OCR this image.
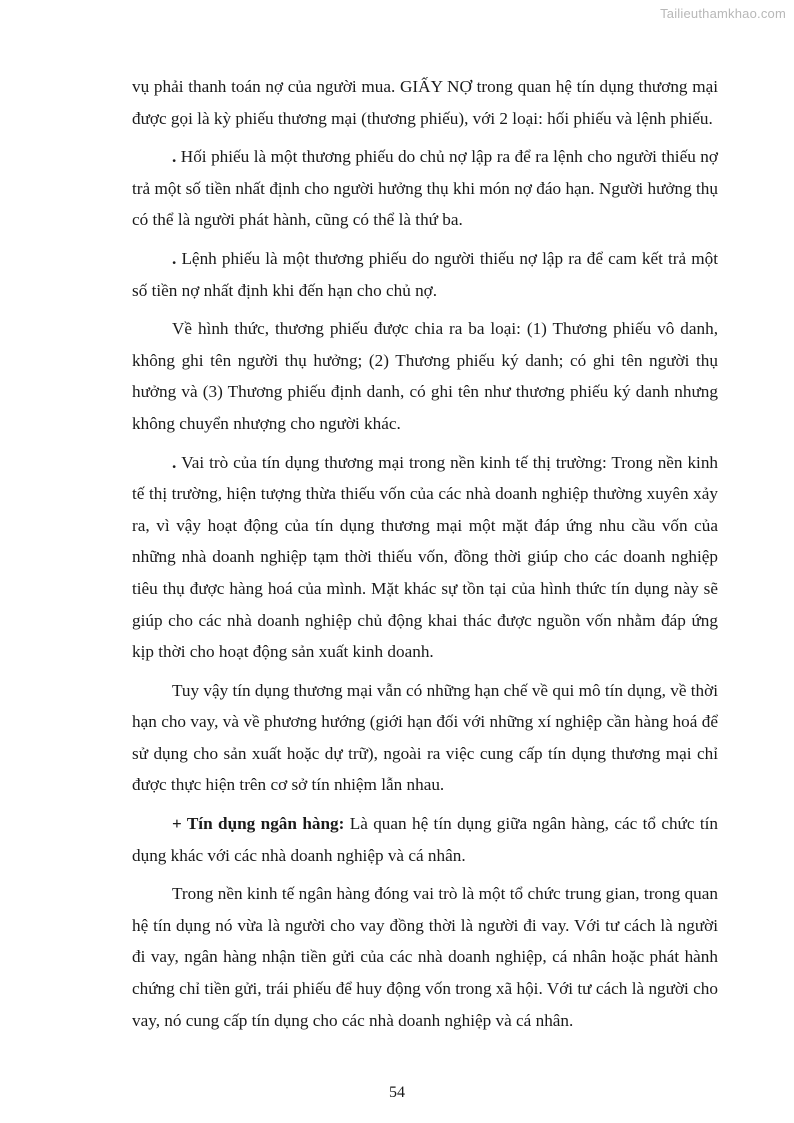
Tailieuthamkhao.com

vụ phải thanh toán nợ của người mua. GIẤY NỢ trong quan hệ tín dụng thương mại được gọi là kỳ phiếu thương mại (thương phiếu), với 2 loại: hối phiếu và lệnh phiếu.

. Hối phiếu là một thương phiếu do chủ nợ lập ra để ra lệnh cho người thiếu nợ trả một số tiền nhất định cho người hưởng thụ khi món nợ đáo hạn. Người hưởng thụ có thể là người phát hành, cũng có thể là thứ ba.

. Lệnh phiếu là một thương phiếu do người thiếu nợ lập ra để cam kết trả một số tiền nợ nhất định khi đến hạn cho chủ nợ.

Về hình thức, thương phiếu được chia ra ba loại: (1) Thương phiếu vô danh, không ghi tên người thụ hưởng; (2) Thương phiếu ký danh; có ghi tên người thụ hưởng và (3) Thương phiếu định danh, có ghi tên như thương phiếu ký danh nhưng không chuyển nhượng cho người khác.

. Vai trò của tín dụng thương mại trong nền kinh tế thị trường: Trong nền kinh tế thị trường, hiện tượng thừa thiếu vốn của các nhà doanh nghiệp thường xuyên xảy ra, vì vậy hoạt động của tín dụng thương mại một mặt đáp ứng nhu cầu vốn của những nhà doanh nghiệp tạm thời thiếu vốn, đồng thời giúp cho các doanh nghiệp tiêu thụ được hàng hoá của mình. Mặt khác sự tồn tại của hình thức tín dụng này sẽ giúp cho các nhà doanh nghiệp chủ động khai thác được nguồn vốn nhằm đáp ứng kịp thời cho hoạt động sản xuất kinh doanh.

Tuy vậy tín dụng thương mại vẫn có những hạn chế về qui mô tín dụng, về thời hạn cho vay, và về phương hướng (giới hạn đối với những xí nghiệp cần hàng hoá để sử dụng cho sản xuất hoặc dự trữ), ngoài ra việc cung cấp tín dụng thương mại chỉ được thực hiện trên cơ sở tín nhiệm lẫn nhau.

+ Tín dụng ngân hàng: Là quan hệ tín dụng giữa ngân hàng, các tổ chức tín dụng khác với các nhà doanh nghiệp và cá nhân.

Trong nền kinh tế ngân hàng đóng vai trò là một tổ chức trung gian, trong quan hệ tín dụng nó vừa là người cho vay đồng thời là người đi vay. Với tư cách là người đi vay, ngân hàng nhận tiền gửi của các nhà doanh nghiệp, cá nhân hoặc phát hành chứng chỉ tiền gửi, trái phiếu để huy động vốn trong xã hội. Với tư cách là người cho vay, nó cung cấp tín dụng cho các nhà doanh nghiệp và cá nhân.

54
